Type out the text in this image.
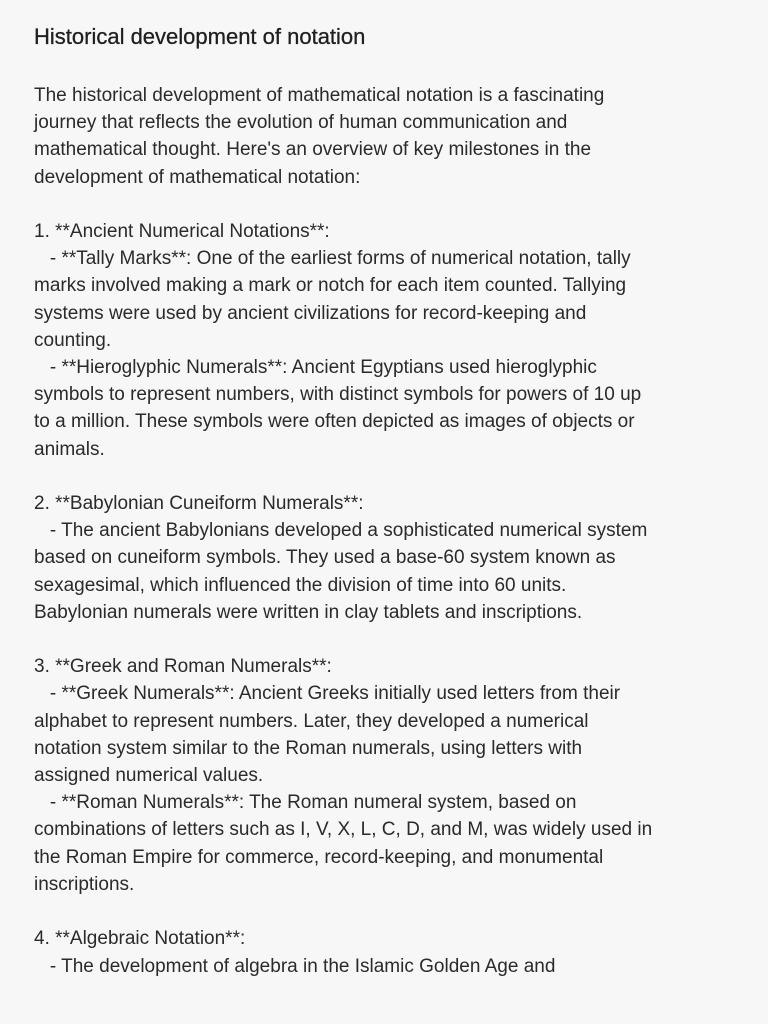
Historical development of notation
The historical development of mathematical notation is a fascinating
journey that reflects the evolution of human communication and
mathematical thought. Here's an overview of key milestones in the
development of mathematical notation:

1. **Ancient Numerical Notations**:
- **Tally Marks**: One of the earliest forms of numerical notation, tally
marks involved making a mark or notch for each item counted. Tallying
systems were used by ancient civilizations for record-keeping and
counting.
- **Hieroglyphic Numerals**: Ancient Egyptians used hieroglyphic
symbols to represent numbers, with distinct symbols for powers of 10 up
to a million. These symbols were often depicted as images of objects or
animals.

2. **Babylonian Cuneiform Numerals**:
- The ancient Babylonians developed a sophisticated numerical system
based on cuneiform symbols. They used a base-60 system known as
sexagesimal, which influenced the division of time into 60 units.
Babylonian numerals were written in clay tablets and inscriptions.

3. **Greek and Roman Numerals**:
- **Greek Numerals**: Ancient Greeks initially used letters from their
alphabet to represent numbers. Later, they developed a numerical
notation system similar to the Roman numerals, using letters with
assigned numerical values.
- **Roman Numerals**: The Roman numeral system, based on
combinations of letters such as I, V, X, L, C, D, and M, was widely used in
the Roman Empire for commerce, record-keeping, and monumental
inscriptions.

4. **Algebraic Notation**:
- The development of algebra in the Islamic Golden Age and
